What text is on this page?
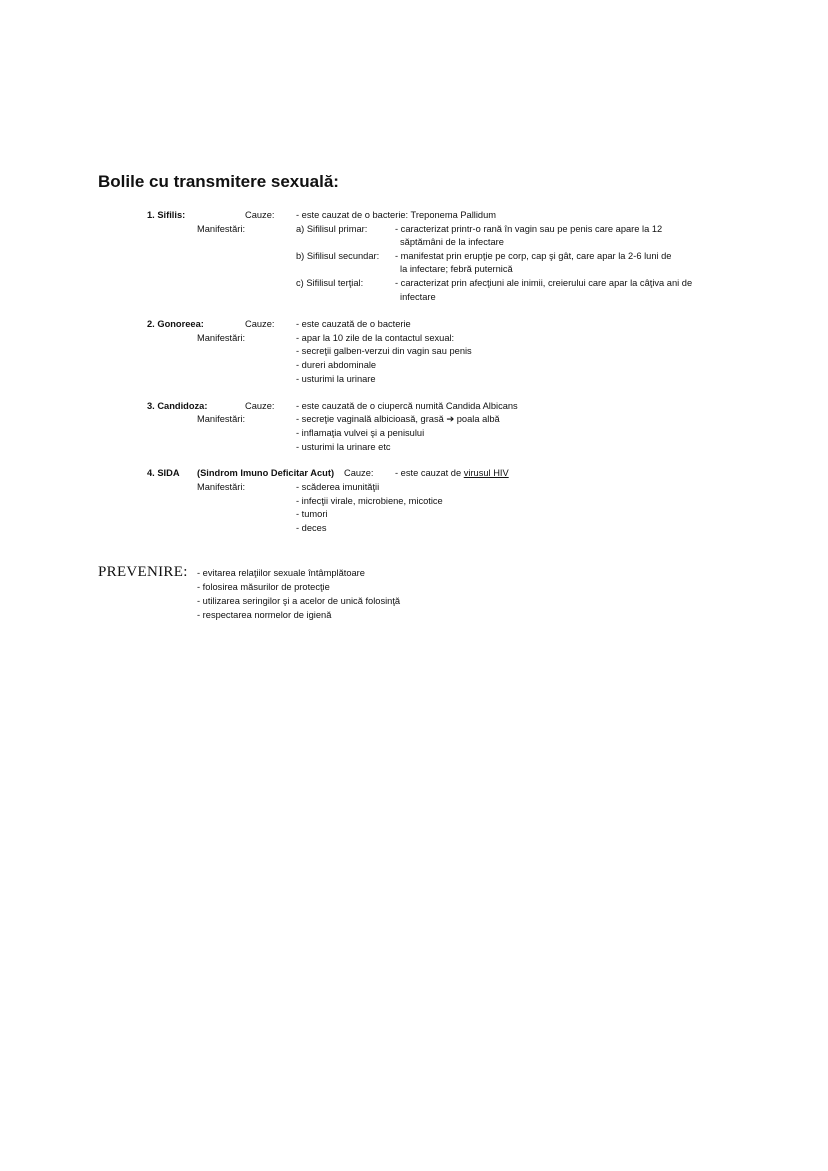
Bolile cu transmitere sexuală:
1. Sifilis:	Cauze: - este cauzat de o bacterie: Treponema Pallidum
Manifestări:	a) Sifilisul primar:	- caracterizat printr-o rană în vagin sau pe penis care apare la 12
săptămâni de la infectare
b) Sifilisul secundar: - manifestat prin erupţie pe corp, cap şi gât, care apar la 2-6 luni de
la infectare; febră puternică
c) Sifilisul terţial:	- caracterizat prin afecţiuni ale inimii, creierului care apar la câţiva ani de
infectare
2. Gonoreea:	Cauze: - este cauzată de o bacterie
Manifestări:	- apar la 10 zile de la contactul sexual:
- secreţii galben-verzui din vagin sau penis
- dureri abdominale
- usturimi la urinare
3. Candidoza:	Cauze: - este cauzată de o ciupercă numită Candida Albicans
Manifestări:	- secreţie vaginală albicioasă, grasă ➔ poala albă
- inflamaţia vulvei şi a penisului
- usturimi la urinare etc
4. SIDA (Sindrom Imuno Deficitar Acut) Cauze: - este cauzat de virusul HIV
Manifestări:	- scăderea imunităţii
- infecţii virale, microbiene, micotice
- tumori
- deces
PREVENIRE: - evitarea relaţiilor sexuale întâmplătoare
- folosirea măsurilor de protecţie
- utilizarea seringilor şi a acelor de unică folosinţă
- respectarea normelor de igienă
